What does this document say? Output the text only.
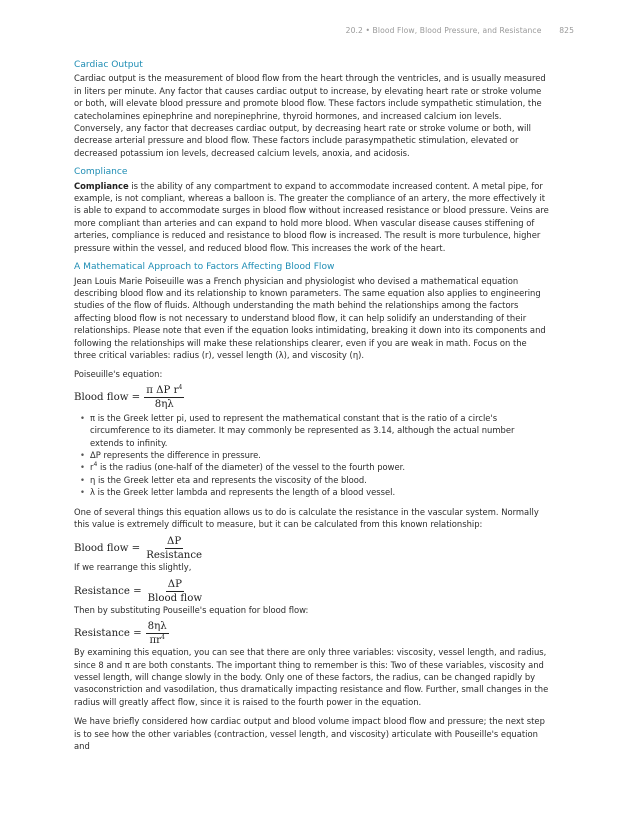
20.2 • Blood Flow, Blood Pressure, and Resistance 825
Cardiac Output

Cardiac output is the measurement of blood flow from the heart through the ventricles, and is usually measured in liters per minute. Any factor that causes cardiac output to increase, by elevating heart rate or stroke volume or both, will elevate blood pressure and promote blood flow. These factors include sympathetic stimulation, the catecholamines epinephrine and norepinephrine, thyroid hormones, and increased calcium ion levels. Conversely, any factor that decreases cardiac output, by decreasing heart rate or stroke volume or both, will decrease arterial pressure and blood flow. These factors include parasympathetic stimulation, elevated or decreased potassium ion levels, decreased calcium levels, anoxia, and acidosis.

Compliance

Compliance is the ability of any compartment to expand to accommodate increased content. A metal pipe, for example, is not compliant, whereas a balloon is. The greater the compliance of an artery, the more effectively it is able to expand to accommodate surges in blood flow without increased resistance or blood pressure. Veins are more compliant than arteries and can expand to hold more blood. When vascular disease causes stiffening of arteries, compliance is reduced and resistance to blood flow is increased. The result is more turbulence, higher pressure within the vessel, and reduced blood flow. This increases the work of the heart.

A Mathematical Approach to Factors Affecting Blood Flow

Jean Louis Marie Poiseuille was a French physician and physiologist who devised a mathematical equation describing blood flow and its relationship to known parameters. The same equation also applies to engineering studies of the flow of fluids. Although understanding the math behind the relationships among the factors affecting blood flow is not necessary to understand blood flow, it can help solidify an understanding of their relationships. Please note that even if the equation looks intimidating, breaking it down into its components and following the relationships will make these relationships clearer, even if you are weak in math. Focus on the three critical variables: radius (r), vessel length (λ), and viscosity (η).

Poiseuille's equation:

Blood flow = $\frac{\pi \Delta P r^4}{8\eta\lambda}$
• π is the Greek letter pi, used to represent the mathematical constant that is the ratio of a circle's circumference to its diameter. It may commonly be represented as 3.14, although the actual number extends to infinity.
• ΔP represents the difference in pressure.
• $r^4$ is the radius (one-half of the diameter) of the vessel to the fourth power.
• η is the Greek letter eta and represents the viscosity of the blood.
• λ is the Greek letter lambda and represents the length of a blood vessel.

One of several things this equation allows us to do is calculate the resistance in the vascular system. Normally this value is extremely difficult to measure, but it can be calculated from this known relationship:

Blood flow = $\frac{\Delta P}{\text{Resistance}}$

If we rearrange this slightly,

Resistance = $\frac{\Delta P}{\text{Blood flow}}$

Then by substituting Pouseille's equation for blood flow:

Resistance = $\frac{8\eta\lambda}{\pi r^4}$

By examining this equation, you can see that there are only three variables: viscosity, vessel length, and radius, since 8 and π are both constants. The important thing to remember is this: Two of these variables, viscosity and vessel length, will change slowly in the body. Only one of these factors, the radius, can be changed rapidly by vasoconstriction and vasodilation, thus dramatically impacting resistance and flow. Further, small changes in the radius will greatly affect flow, since it is raised to the fourth power in the equation.

We have briefly considered how cardiac output and blood volume impact blood flow and pressure; the next step is to see how the other variables (contraction, vessel length, and viscosity) articulate with Pouseille's equation and
